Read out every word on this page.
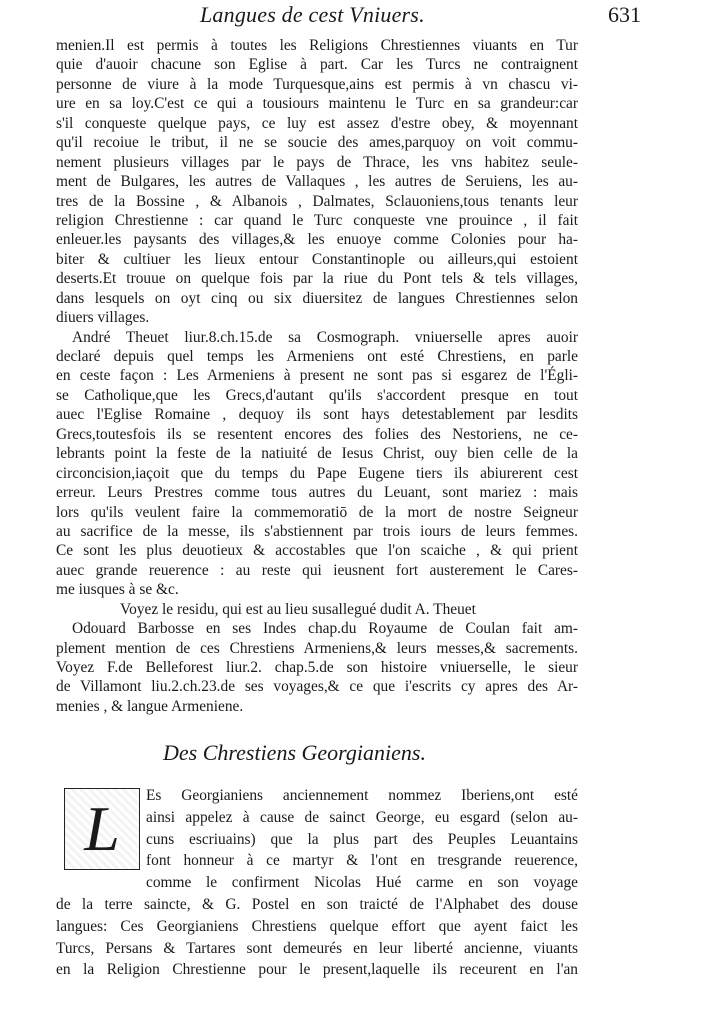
Langues de cest Vniuers.	631
menien.Il est permis à toutes les Religions Chrestiennes viuants en Tur
quie d'auoir chacune son Eglise à part. Car les Turcs ne contraignent
personne de viure à la mode Turquesque,ains est permis à vn chascu vi-
ure en sa loy.C'est ce qui a tousiours maintenu le Turc en sa grandeur:car
s'il conqueste quelque pays, ce luy est assez d'estre obey, & moyennant
qu'il recoiue le tribut, il ne se soucie des ames,parquoy on voit commu-
nement plusieurs villages par le pays de Thrace, les vns habitez seule-
ment de Bulgares, les autres de Vallaques , les autres de Seruiens, les au-
tres de la Bossine , & Albanois , Dalmates, Sclauoniens,tous tenants leur
religion Chrestienne : car quand le Turc conqueste vne prouince , il fait
enleuer.les paysants des villages,& les enuoye comme Colonies pour ha-
biter & cultiuer les lieux entour Constantinople ou ailleurs,qui estoient
deserts.Et trouue on quelque fois par la riue du Pont tels & tels villages,
dans lesquels on oyt cinq ou six diuersitez de langues Chrestiennes selon
diuers villages.
André Theuet liur.8.ch.15.de sa Cosmograph. vniuerselle apres auoir
declaré depuis quel temps les Armeniens ont esté Chrestiens, en parle
en ceste façon : Les Armeniens à present ne sont pas si esgarez de l'Égli-
se Catholique,que les Grecs,d'autant qu'ils s'accordent presque en tout
auec l'Eglise Romaine , dequoy ils sont hays detestablement par lesdits
Grecs,toutesfois ils se resentent encores des folies des Nestoriens, ne ce-
lebrants point la feste de la natiuité de Iesus Christ, ouy bien celle de la
circoncision,iaçoit que du temps du Pape Eugene tiers ils abiurerent cest
erreur. Leurs Prestres comme tous autres du Leuant, sont mariez : mais
lors qu'ils veulent faire la commemoratiō de la mort de nostre Seigneur
au sacrifice de la messe, ils s'abstiennent par trois iours de leurs femmes.
Ce sont les plus deuotieux & accostables que l'on scaiche , & qui prient
auec grande reuerence : au reste qui ieusnent fort austerement le Cares-
me iusques à se &c.
Voyez le residu, qui est au lieu susallegué dudit A. Theuet
Odouard Barbosse en ses Indes chap.du Royaume de Coulan fait am-
plement mention de ces Chrestiens Armeniens,& leurs messes,& sacrements.
Voyez F.de Belleforest liur.2. chap.5.de son histoire vniuerselle, le sieur
de Villamont liu.2.ch.23.de ses voyages,& ce que i'escrits cy apres des Ar-
menies , & langue Armeniene.
Des Chrestiens Georgianiens.
L	Es Georgianiens anciennement nommez Iberiens,ont esté
ainsi appelez à cause de sainct George, eu esgard (selon au-
cuns escriuains) que la plus part des Peuples Leuantains
font honneur à ce martyr & l'ont en tresgrande reuerence,
comme le confirment Nicolas Hué carme en son voyage
de la terre saincte, & G. Postel en son traicté de l'Alphabet des douse
langues: Ces Georgianiens Chrestiens quelque effort que ayent faict les
Turcs, Persans & Tartares sont demeurés en leur liberté ancienne, viuants
en la Religion Chrestienne pour le present,laquelle ils receurent en l'an
